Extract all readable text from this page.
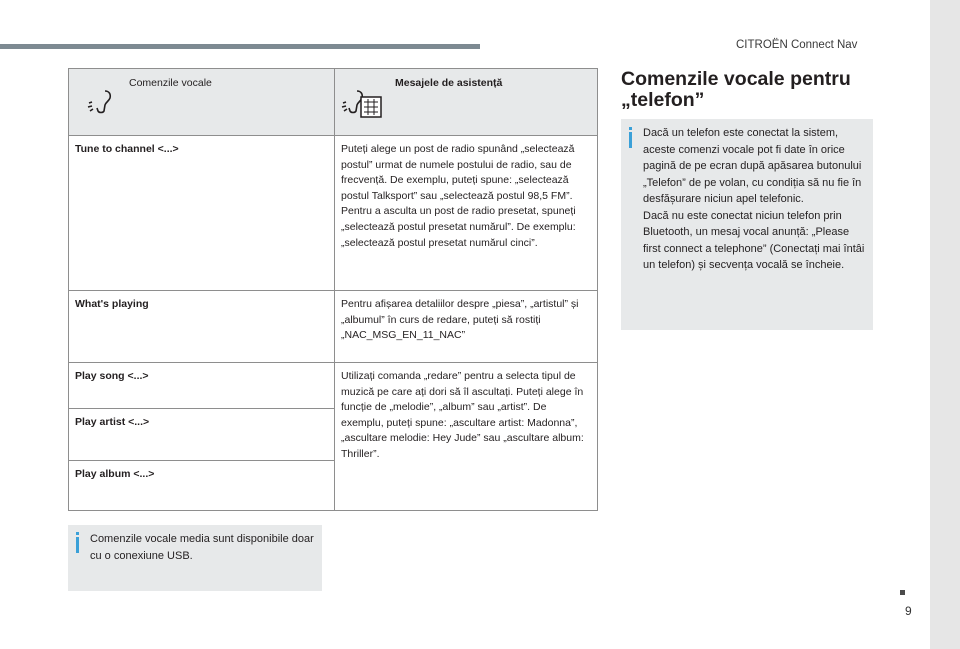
CITROËN Connect Nav
Comenzile vocale	Mesajele de asistență

Tune to channel <...>	Puteți alege un post de radio spunând „selectează postul” urmat de numele postului de radio, sau de frecvență. De exemplu, puteți spune: „selectează postul Talksport” sau „selectează postul 98,5 FM”. Pentru a asculta un post de radio presetat, spuneți „selectează postul presetat numărul”. De exemplu: „selectează postul presetat numărul cinci”.
What's playing	Pentru afișarea detaliilor despre „piesa”, „artistul” și „albumul” în curs de redare, puteți să rostiți „NAC_MSG_EN_11_NAC”
Play song <...>	Utilizați comanda „redare” pentru a selecta tipul de muzică pe care ați dori să îl ascultați. Puteți alege în funcție de „melodie”, „album” sau „artist”. De exemplu, puteți spune: „ascultare artist: Madonna”, „ascultare melodie: Hey Jude” sau „ascultare album: Thriller”.
Play artist <...>	
Play album <...>	
Comenzile vocale media sunt disponibile doar cu o conexiune USB.
Comenzile vocale pentru „telefon”
Dacă un telefon este conectat la sistem, aceste comenzi vocale pot fi date în orice pagină de pe ecran după apăsarea butonului „Telefon” de pe volan, cu condiția să nu fie în desfășurare niciun apel telefonic.
Dacă nu este conectat niciun telefon prin Bluetooth, un mesaj vocal anunță: „Please first connect a telephone” (Conectați mai întâi un telefon) și secvența vocală se încheie.
9
